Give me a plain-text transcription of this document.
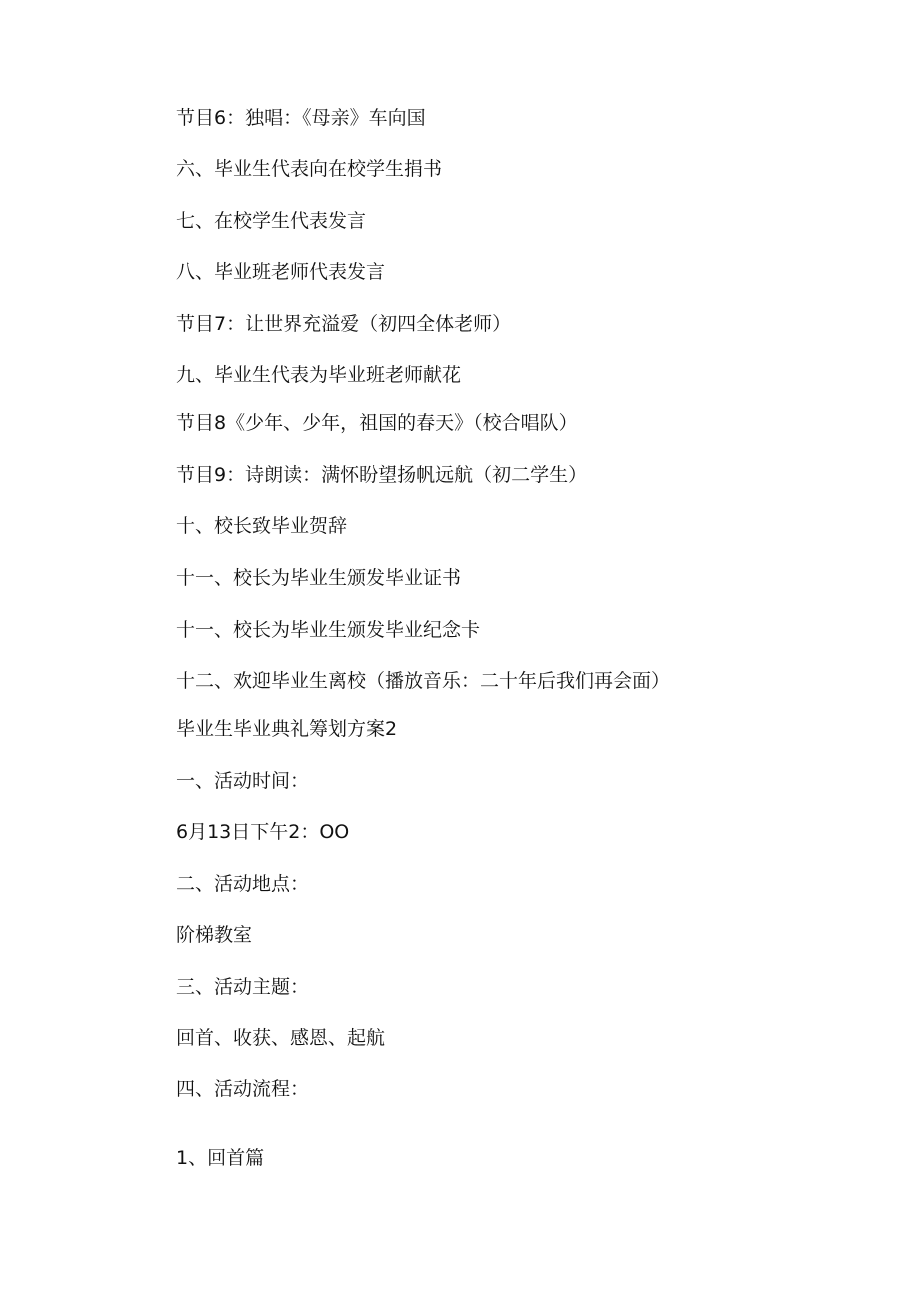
节目6：独唱：《母亲》车向国

六、毕业生代表向在校学生捐书

七、在校学生代表发言

八、毕业班老师代表发言

节目7：让世界充溢爱（初四全体老师）

九、毕业生代表为毕业班老师献花

节目8《少年、少年，祖国的春天》（校合唱队）

节目9：诗朗读：满怀盼望扬帆远航（初二学生）

十、校长致毕业贺辞

十一、校长为毕业生颁发毕业证书

十一、校长为毕业生颁发毕业纪念卡

十二、欢迎毕业生离校（播放音乐：二十年后我们再会面）

毕业生毕业典礼筹划方案2

一、活动时间：

6月13日下午2：OO

二、活动地点：

阶梯教室

三、活动主题：

回首、收获、感恩、起航

四、活动流程：

1、回首篇
